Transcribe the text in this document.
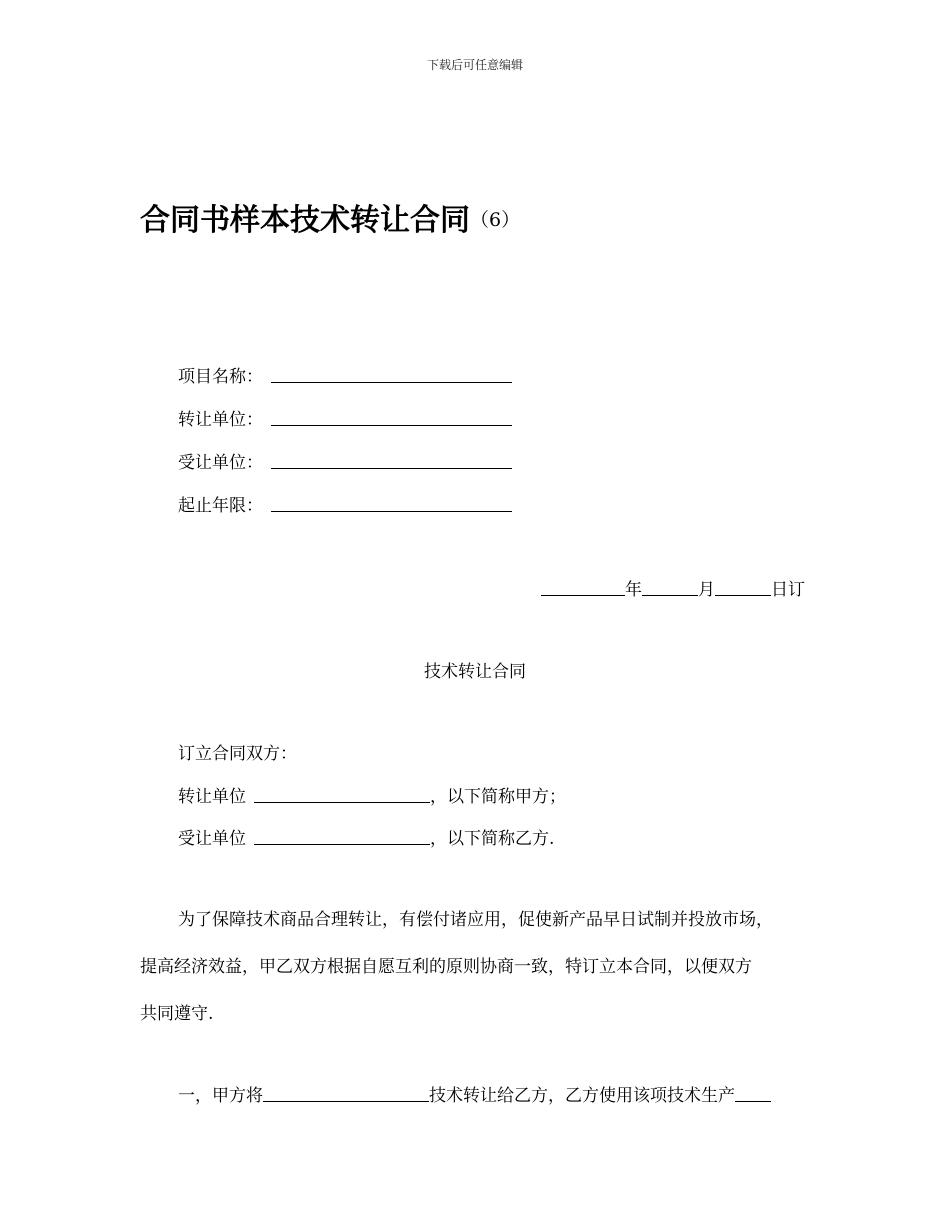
下载后可任意编辑
合同书样本技术转让合同（6）
项目名称：
转让单位：
受让单位：
起止年限：
年	月	日订
技术转让合同
订立合同双方：
转让单位	，以下简称甲方；
受让单位	，以下简称乙方.
为了保障技术商品合理转让，有偿付诸应用，促使新产品早日试制并投放市场，
提高经济效益，甲乙双方根据自愿互利的原则协商一致，特订立本合同，以便双方
共同遵守.
一，甲方将	技术转让给乙方，乙方使用该项技术生产
